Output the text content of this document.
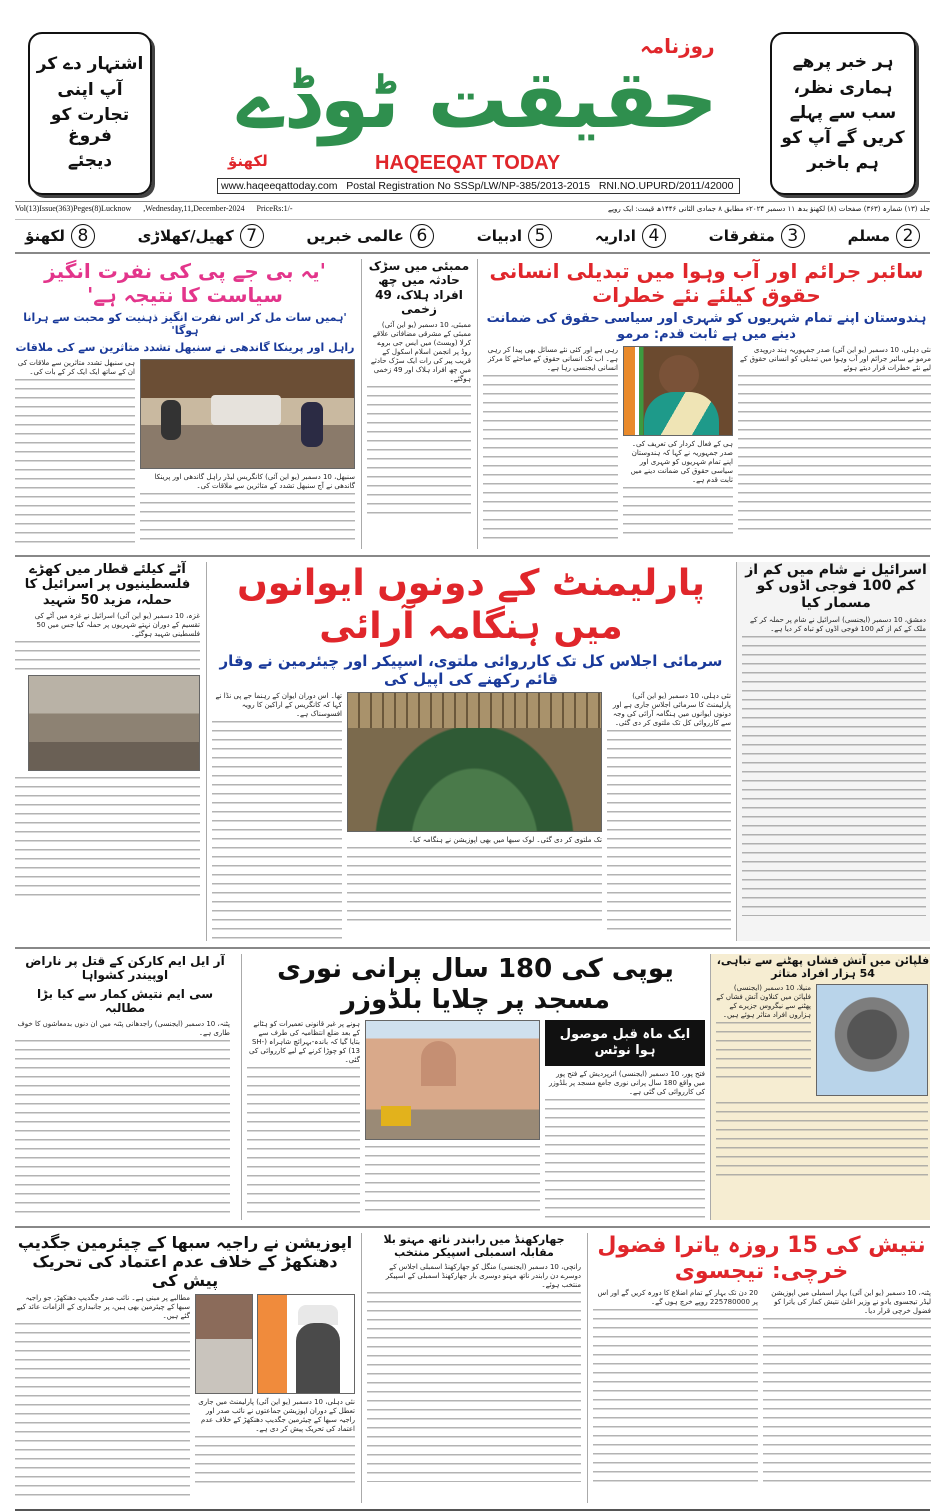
اشتہار دے کر
آپ اپنی
تجارت کو فروغ
دیجئے
ہر خبر پرھے
ہماری نظر،
سب سے پہلے
کریں گے آپ کو
ہم باخبر
روزنامہ
حقیقت ٹوڈے
لکھنؤ	HAQEEQAT TODAY
www.haqeeqattoday.com   Postal Registration No SSSp/LW/NP-385/2013-2015   RNI.NO.UPURD/2011/42000
Vol(13)Issue(363)Peges(8)Lucknow ,Wednesday,11,December-2024 PriceRs:1/-	جلد (۱۳) شمارہ (۳۶۳) صفحات (۸) لکھنؤ بدھ ۱۱ دسمبر ۲۰۲۴ء مطابق ۸ جمادی الثانی ۱۴۴۶ھ قیمت: ایک روپے
2
مسلم
3
متفرقات
4
اداریہ
5
ادبیات
6
عالمی خبریں
7
کھیل/کھلاڑی
8
لکھنؤ
'یہ بی جے پی کی نفرت انگیز سیاست کا نتیجہ ہے'
'ہمیں سات مل کر اس نفرت انگیز ذہنیت کو محبت سے ہرانا ہوگا'
راہل اور پرینکا گاندھی نے سنبھل تشدد متاثرین سے کی ملاقات
ہی سنبھل تشدد متاثرین سے ملاقات کی ان کے ساتھ ایک ایک کر کے بات کی۔
سنبھل، 10 دسمبر (یو این آئی) کانگریس لیڈر راہل گاندھی اور پرینکا گاندھی نے آج سنبھل تشدد کے متاثرین سے ملاقات کی۔
ممبئی میں سڑک حادثہ میں چھ افراد ہلاک، 49 زخمی
ممبئی، 10 دسمبر (یو این آئی) ممبئی کے مشرقی مضافاتی علاقے کرلا (ویسٹ) میں ایس جی بروے روڈ پر انجمن اسلام اسکول کے قریب پیر کی رات ایک سڑک حادثے میں چھ افراد ہلاک اور 49 زخمی ہوگئے۔
سائبر جرائم اور آب وہوا میں تبدیلی انسانی حقوق کیلئے نئے خطرات
ہندوستان اپنے تمام شہریوں کو شہری اور سیاسی حقوق کی ضمانت دینے میں ہے ثابت قدم: مرمو
رہی ہے اور کئی نئے مسائل بھی پیدا کر رہی ہے۔ اب تک انسانی حقوق کے مباحثے کا مرکز انسانی ایجنسی رہا ہے۔
ہی کے فعال کردار کی تعریف کی۔ صدر جمہوریہ نے کہا کہ ہندوستان اپنے تمام شہریوں کو شہری اور سیاسی حقوق کی ضمانت دینے میں ثابت قدم ہے۔
نئی دہلی، 10 دسمبر (یو این آئی) صدر جمہوریہ ہند دروپدی مرمو نے سائبر جرائم اور آب وہوا میں تبدیلی کو انسانی حقوق کے لیے نئے خطرات قرار دیتے ہوئے
آٹے کیلئے قطار میں کھڑے فلسطینیوں پر اسرائیل کا حملہ، مزید 50 شہید
غزہ، 10 دسمبر (یو این آئی) اسرائیل نے غزہ میں آٹے کی تقسیم کے دوران نہتے شہریوں پر حملہ کیا جس میں 50 فلسطینی شہید ہوگئے۔
پارلیمنٹ کے دونوں ایوانوں میں ہنگامہ آرائی
سرمائی اجلاس کل تک کارروائی ملتوی، اسپیکر اور چیئرمین نے وقار قائم رکھنے کی اپیل کی
تھا۔ اس دوران ایوان کے رہنما جے پی نڈا نے کہا کہ کانگریس کے اراکین کا رویہ افسوسناک ہے۔
تک ملتوی کر دی گئی۔ لوک سبھا میں بھی اپوزیشن نے ہنگامہ کیا۔
نئی دہلی، 10 دسمبر (یو این آئی) پارلیمنٹ کا سرمائی اجلاس جاری ہے اور دونوں ایوانوں میں ہنگامہ آرائی کی وجہ سے کارروائی کل تک ملتوی کر دی گئی۔
اسرائیل نے شام میں کم از کم 100 فوجی اڈوں کو مسمار کیا
دمشق، 10 دسمبر (ایجنسی) اسرائیل نے شام پر حملہ کر کے ملک کے کم از کم 100 فوجی اڈوں کو تباہ کر دیا ہے۔
آر ایل ایم کارکن کے قتل پر ناراض اوپیندر کشواہا
سی ایم نتیش کمار سے کیا بڑا مطالبہ
پٹنہ، 10 دسمبر (ایجنسی) راجدھانی پٹنہ میں ان دنوں بدمعاشوں کا خوف طاری ہے۔
یوپی کی 180 سال پرانی نوری مسجد پر چلایا بلڈوزر
ہونے پر غیر قانونی تعمیرات کو ہٹانے کے بعد ضلع انتظامیہ کی طرف سے بتایا گیا کہ باندہ-بہرائچ شاہراہ (SH-13) کو چوڑا کرنے کے لیے کارروائی کی گئی۔
ایک ماہ قبل موصول ہوا نوٹس
فتح پور، 10 دسمبر (ایجنسی) اترپردیش کے فتح پور میں واقع 180 سال پرانی نوری جامع مسجد پر بلڈوزر کی کارروائی کی گئی ہے۔
فلپائن میں آتش فشاں پھٹنے سے تباہی، 54 ہزار افراد متاثر
منیلا، 10 دسمبر (ایجنسی) فلپائن میں کنلاون آتش فشاں کے پھٹنے سے نیگروس جزیرے کے ہزاروں افراد متاثر ہوئے ہیں۔
اپوزیشن نے راجیہ سبھا کے چیئرمین جگدیپ دھنکھڑ کے خلاف عدم اعتماد کی تحریک پیش کی
مطالبے پر مبنی ہے۔ نائب صدر جگدیپ دھنکھڑ، جو راجیہ سبھا کے چیئرمین بھی ہیں، پر جانبداری کے الزامات عائد کیے گئے ہیں۔
نئی دہلی، 10 دسمبر (یو این آئی) پارلیمنٹ میں جاری تعطل کے دوران اپوزیشن جماعتوں نے نائب صدر اور راجیہ سبھا کے چیئرمین جگدیپ دھنکھڑ کے خلاف عدم اعتماد کی تحریک پیش کر دی ہے۔
جھارکھنڈ میں رابندر ناتھ مہتو بلا مقابلہ اسمبلی اسپیکر منتخب
رانچی، 10 دسمبر (ایجنسی) منگل کو جھارکھنڈ اسمبلی اجلاس کے دوسرے دن رابندر ناتھ مہتو دوسری بار جھارکھنڈ اسمبلی کے اسپیکر منتخب ہوئے۔
نتیش کی 15 روزہ یاترا فضول خرچی: تیجسوی
20 دن تک بہار کے تمام اضلاع کا دورہ کریں گے اور اس پر 225780000 روپے خرچ ہوں گے۔
پٹنہ، 10 دسمبر (یو این آئی) بہار اسمبلی میں اپوزیشن لیڈر تیجسوی یادو نے وزیر اعلیٰ نتیش کمار کی یاترا کو فضول خرچی قرار دیا۔
